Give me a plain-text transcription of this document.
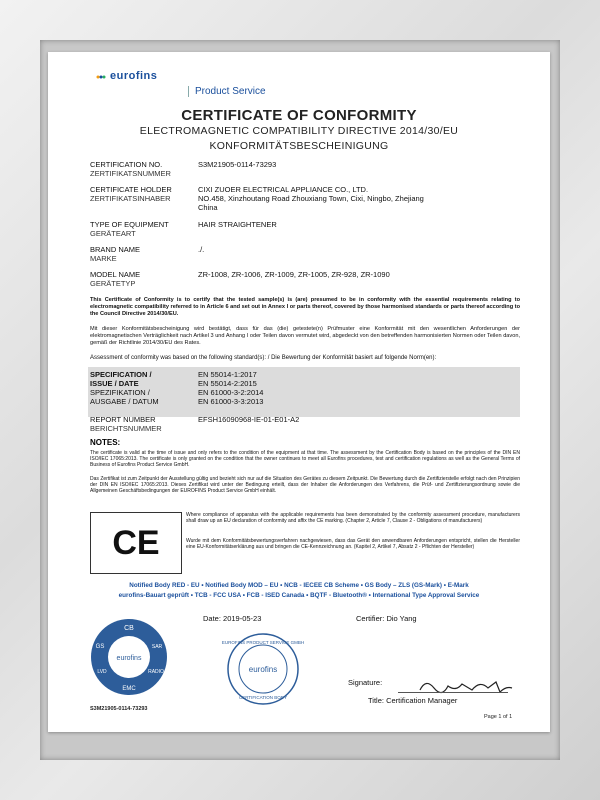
eurofins
Product Service
CERTIFICATE OF CONFORMITY
ELECTROMAGNETIC COMPATIBILITY DIRECTIVE 2014/30/EU
KONFORMITÄTSBESCHEINIGUNG
CERTIFICATION NO.
ZERTIFIKATSNUMMER
S3M21905-0114-73293
CERTIFICATE HOLDER
ZERTIFIKATSINHABER
CIXI ZUOER ELECTRICAL APPLIANCE CO., LTD.
NO.458, Xinzhoutang Road Zhouxiang Town, Cixi, Ningbo, Zhejiang
China
TYPE OF EQUIPMENT
GERÄTEART
HAIR STRAIGHTENER
BRAND NAME
MARKE
./.
MODEL NAME
GERÄTETYP
ZR-1008, ZR-1006, ZR-1009, ZR-1005, ZR-928, ZR-1090
This Certificate of Conformity is to certify that the tested sample(s) is (are) presumed to be in conformity with the essential requirements relating to electromagnetic compatibility referred to in Article 6 and set out in Annex I or parts thereof, covered by those harmonised standards or parts thereof according to the Council Directive 2014/30/EU.
Mit dieser Konformitätsbescheinigung wird bestätigt, dass für das (die) getestete(n) Prüfmuster eine Konformität mit den wesentlichen Anforderungen der elektromagnetischen Verträglichkeit nach Artikel 3 und Anhang I oder Teilen davon vermutet wird, abgedeckt von den betreffenden harmonisierten Normen oder Teilen davon, gemäß der Richtlinie 2014/30/EU des Rates.
Assessment of conformity was based on the following standard(s): / Die Bewertung der Konformität basiert auf folgende Norm(en):
SPECIFICATION /
ISSUE / DATE
SPEZIFIKATION /
AUSGABE / DATUM
EN 55014-1:2017
EN 55014-2:2015
EN 61000-3-2:2014
EN 61000-3-3:2013
REPORT NUMBER
BERICHTSNUMMER
EFSH16090968-IE-01-E01-A2
NOTES:
The certificate is valid at the time of issue and only refers to the condition of the equipment at that time. The assessment by the Certification Body is based on the principles of the DIN EN ISO/IEC 17065:2013. The certificate is only granted on the condition that the owner continues to meet all Eurofins procedures, test and certification regulations as well as the General Terms of Business of Eurofins Product Service GmbH.
Das Zertifikat ist zum Zeitpunkt der Ausstellung gültig und bezieht sich nur auf die Situation des Gerätes zu diesem Zeitpunkt. Die Bewertung durch die Zertifizierstelle erfolgt nach den Prinzipien der DIN EN ISO/IEC 17065:2013. Dieses Zertifikat wird unter der Bedingung erteilt, dass der Inhaber die Anforderungen des Verfahrens, die Prüf- und Zertifizierungsordnung sowie die Allgemeinen Geschäftsbedingungen der EUROFINS Product Service GmbH einhält.
CE
Where compliance of apparatus with the applicable requirements has been demonstrated by the conformity assessment procedure, manufacturers shall draw up an EU declaration of conformity and affix the CE marking. (Chapter 2, Article 7, Clause 2 - Obligations of manufacturers)
Wurde mit dem Konformitätsbewertungsverfahren nachgewiesen, dass das Gerät den anwendbaren Anforderungen entspricht, stellen die Hersteller eine EU-Konformitätserklärung aus und bringen die CE-Kennzeichnung an. (Kapitel 2, Artikel 7, Absatz 2 - Pflichten der Hersteller)
Notified Body RED - EU • Notified Body MOD – EU • NCB - IECEE CB Scheme • GS Body – ZLS (GS-Mark) • E-Mark
eurofins-Bauart geprüft • TCB - FCC USA • FCB - ISED Canada • BQTF - Bluetooth® • International Type Approval Service
Date: 2019-05-23	Certifier: Dio Yang
CB
GS	SAR
LVD
EMC
RADIO
eurofins
EUROFINS PRODUCT SERVICE GMBH
eurofins
CERTIFICATION BODY
Signature:
Title: Certification Manager
S3M21905-0114-73293
Page 1 of 1
